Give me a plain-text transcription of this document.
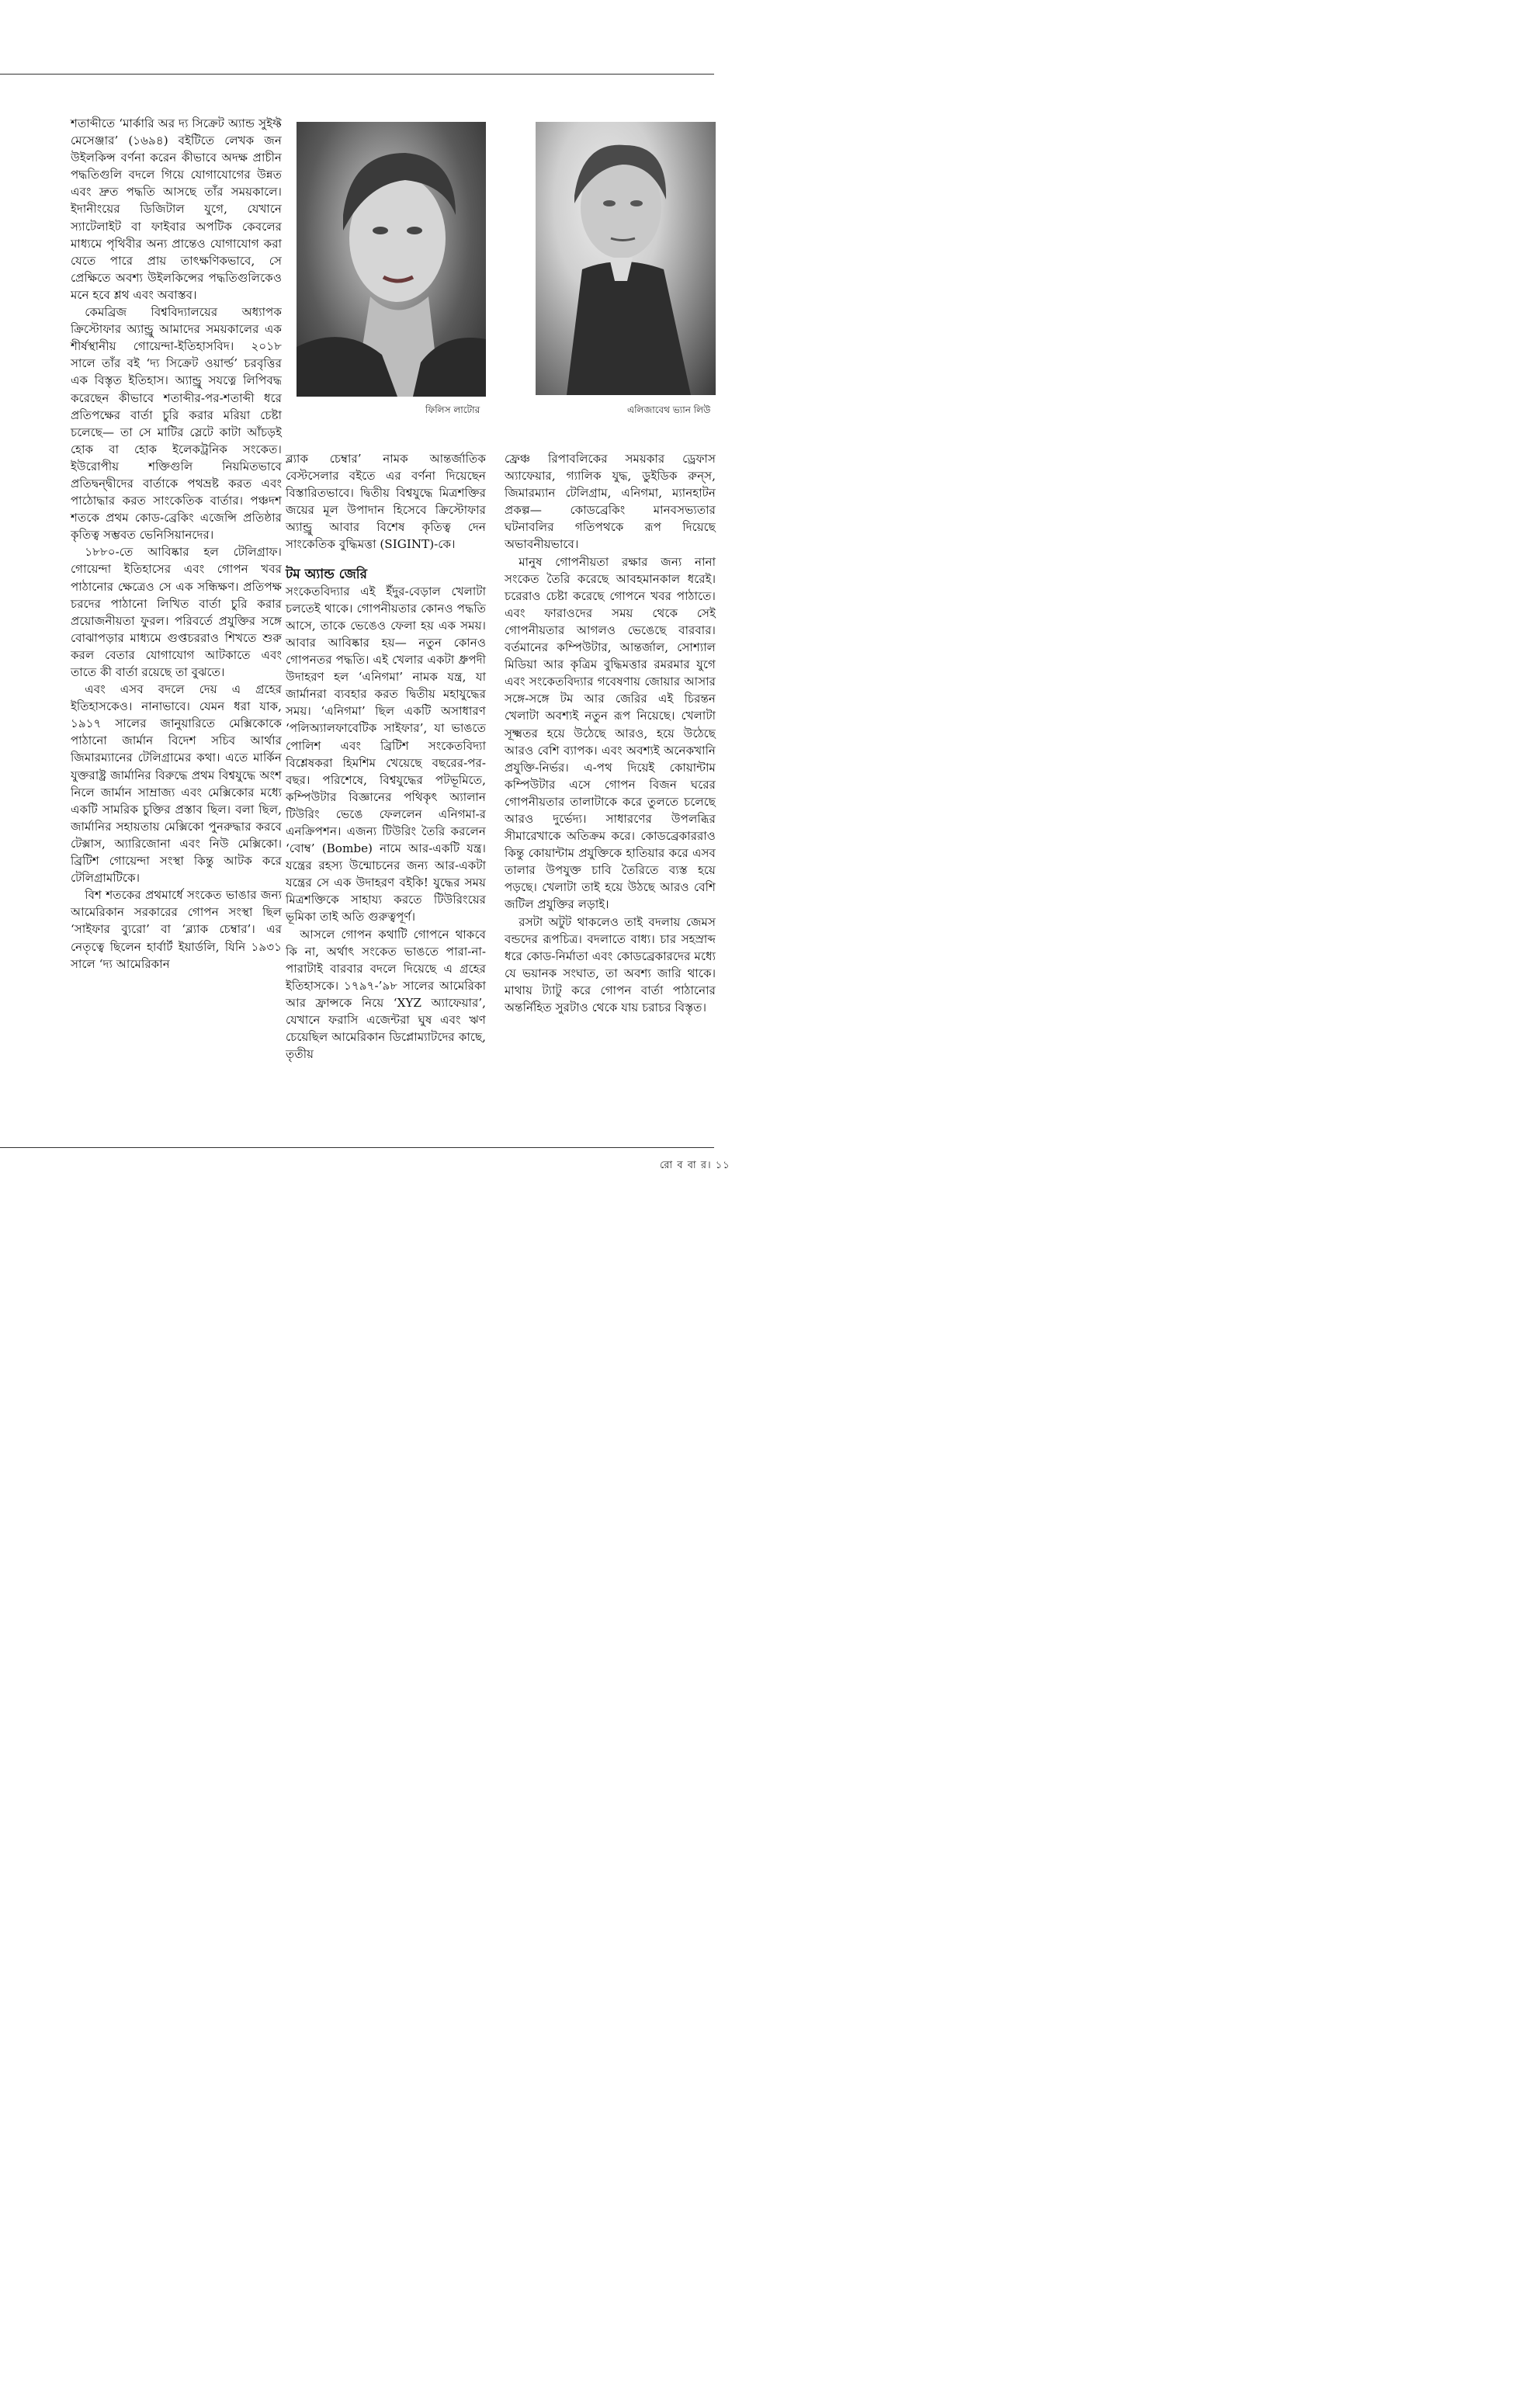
শতাব্দীতে ‘মার্কারি অর দ্য সিক্রেট অ্যান্ড সুইফ্ট মেসেঞ্জার’ (১৬৯৪) বইটিতে লেখক জন উইলকিন্স বর্ণনা করেন কীভাবে অদক্ষ প্রাচীন পদ্ধতিগুলি বদলে গিয়ে যোগাযোগের উন্নত এবং দ্রুত পদ্ধতি আসছে তাঁর সময়কালে। ইদানীংয়ের ডিজিটাল যুগে, যেখানে স্যাটেলাইট বা ফাইবার অপটিক কেবলের মাধ্যমে পৃথিবীর অন্য প্রান্তেও যোগাযোগ করা যেতে পারে প্রায় তাৎক্ষণিকভাবে, সে প্রেক্ষিতে অবশ্য উইলকিন্সের পদ্ধতিগুলিকেও মনে হবে শ্লথ এবং অবাস্তব।

কেমব্রিজ বিশ্ববিদ্যালয়ের অধ্যাপক ক্রিস্টোফার অ্যান্ড্রু আমাদের সময়কালের এক শীর্ষস্থানীয় গোয়েন্দা-ইতিহাসবিদ। ২০১৮ সালে তাঁর বই ‘দ্য সিক্রেট ওয়ার্ল্ড’ চরবৃত্তির এক বিস্তৃত ইতিহাস। অ্যান্ড্রু সযত্নে লিপিবদ্ধ করেছেন কীভাবে শতাব্দীর-পর-শতাব্দী ধরে প্রতিপক্ষের বার্তা চুরি করার মরিয়া চেষ্টা চলেছে— তা সে মাটির স্লেটে কাটা আঁচড়ই হোক বা হোক ইলেকট্রনিক সংকেত। ইউরোপীয় শক্তিগুলি নিয়মিতভাবে প্রতিদ্বন্দ্বীদের বার্তাকে পথভ্রষ্ট করত এবং পাঠোদ্ধার করত সাংকেতিক বার্তার। পঞ্চদশ শতকে প্রথম কোড-ব্রেকিং এজেন্সি প্রতিষ্ঠার কৃতিত্ব সম্ভবত ভেনিসিয়ানদের।

১৮৮০-তে আবিষ্কার হল টেলিগ্রাফ। গোয়েন্দা ইতিহাসের এবং গোপন খবর পাঠানোর ক্ষেত্রেও সে এক সন্ধিক্ষণ। প্রতিপক্ষ চরদের পাঠানো লিখিত বার্তা চুরি করার প্রয়োজনীয়তা ফুরল। পরিবর্তে প্রযুক্তির সঙ্গে বোঝাপড়ার মাধ্যমে গুপ্তচররাও শিখতে শুরু করল বেতার যোগাযোগ আটকাতে এবং তাতে কী বার্তা রয়েছে তা বুঝতে।

এবং এসব বদলে দেয় এ গ্রহের ইতিহাসকেও। নানাভাবে। যেমন ধরা যাক, ১৯১৭ সালের জানুয়ারিতে মেক্সিকোকে পাঠানো জার্মান বিদেশ সচিব আর্থার জিমারম্যানের টেলিগ্রামের কথা। এতে মার্কিন যুক্তরাষ্ট্র জার্মানির বিরুদ্ধে প্রথম বিশ্বযুদ্ধে অংশ নিলে জার্মান সাম্রাজ্য এবং মেক্সিকোর মধ্যে একটি সামরিক চুক্তির প্রস্তাব ছিল। বলা ছিল, জার্মানির সহায়তায় মেক্সিকো পুনরুদ্ধার করবে টেক্সাস, অ্যারিজোনা এবং নিউ মেক্সিকো। ব্রিটিশ গোয়েন্দা সংস্থা কিন্তু আটক করে টেলিগ্রামটিকে।

বিশ শতকের প্রথমার্ধে সংকেত ভাঙার জন্য আমেরিকান সরকারের গোপন সংস্থা ছিল ‘সাইফার ব্যুরো’ বা ‘ব্ল্যাক চেম্বার’। এর নেতৃত্বে ছিলেন হার্বার্ট ইয়ার্ডলি, যিনি ১৯৩১ সালে ‘দ্য আমেরিকান

ফিলিস লাটোর	এলিজাবেথ ভ্যান লিউ

ব্ল্যাক চেম্বার’ নামক আন্তর্জাতিক বেস্টসেলার বইতে এর বর্ণনা দিয়েছেন বিস্তারিতভাবে। দ্বিতীয় বিশ্বযুদ্ধে মিত্রশক্তির জয়ের মূল উপাদান হিসেবে ক্রিস্টোফার অ্যান্ড্রু আবার বিশেষ কৃতিত্ব দেন সাংকেতিক বুদ্ধিমত্তা (SIGINT)-কে।

টম অ্যান্ড জেরি

সংকেতবিদ্যার এই ইঁদুর-বেড়াল খেলাটা চলতেই থাকে। গোপনীয়তার কোনও পদ্ধতি আসে, তাকে ভেঙেও ফেলা হয় এক সময়। আবার আবিষ্কার হয়— নতুন কোনও গোপনতর পদ্ধতি। এই খেলার একটা ধ্রুপদী উদাহরণ হল ‘এনিগমা’ নামক যন্ত্র, যা জার্মানরা ব্যবহার করত দ্বিতীয় মহাযুদ্ধের সময়। ‘এনিগমা’ ছিল একটি অসাধারণ ‘পলিঅ্যালফাবেটিক সাইফার’, যা ভাঙতে পোলিশ এবং ব্রিটিশ সংকেতবিদ্যা বিশ্লেষকরা হিমশিম খেয়েছে বছরের-পর-বছর। পরিশেষে, বিশ্বযুদ্ধের পটভূমিতে, কম্পিউটার বিজ্ঞানের পথিকৃৎ অ্যালান টিউরিং ভেঙে ফেললেন এনিগমা-র এনক্রিপশন। এজন্য টিউরিং তৈরি করলেন ‘বোম্ব’ (Bombe) নামে আর-একটি যন্ত্র। যন্ত্রের রহস্য উন্মোচনের জন্য আর-একটা যন্ত্রের সে এক উদাহরণ বইকি! যুদ্ধের সময় মিত্রশক্তিকে সাহায্য করতে টিউরিংয়ের ভূমিকা তাই অতি গুরুত্বপূর্ণ।

আসলে গোপন কথাটি গোপনে থাকবে কি না, অর্থাৎ সংকেত ভাঙতে পারা-না-পারাটাই বারবার বদলে দিয়েছে এ গ্রহের ইতিহাসকে। ১৭৯৭-’৯৮ সালের আমেরিকা আর ফ্রান্সকে নিয়ে ‘XYZ অ্যাফেয়ার’, যেখানে ফরাসি এজেন্টরা ঘুষ এবং ঋণ চেয়েছিল আমেরিকান ডিপ্লোম্যাটদের কাছে, তৃতীয়

ফ্রেঞ্চ রিপাবলিকের সময়কার ড্রেফাস অ্যাফেয়ার, গ্যালিক যুদ্ধ, ডুইডিক রুন্‌স, জিমারম্যান টেলিগ্রাম, এনিগমা, ম্যানহাটন প্রকল্প— কোডব্রেকিং মানবসভ্যতার ঘটনাবলির গতিপথকে রূপ দিয়েছে অভাবনীয়ভাবে।

মানুষ গোপনীয়তা রক্ষার জন্য নানা সংকেত তৈরি করেছে আবহমানকাল ধরেই। চরেরাও চেষ্টা করেছে গোপনে খবর পাঠাতে। এবং ফারাওদের সময় থেকে সেই গোপনীয়তার আগলও ভেঙেছে বারবার। বর্তমানের কম্পিউটার, আন্তর্জাল, সোশ্যাল মিডিয়া আর কৃত্রিম বুদ্ধিমত্তার রমরমার যুগে এবং সংকেতবিদ্যার গবেষণায় জোয়ার আসার সঙ্গে-সঙ্গে টম আর জেরির এই চিরন্তন খেলাটা অবশ্যই নতুন রূপ নিয়েছে। খেলাটা সূক্ষ্মতর হয়ে উঠেছে আরও, হয়ে উঠেছে আরও বেশি ব্যাপক। এবং অবশ্যই অনেকখানি প্রযুক্তি-নির্ভর। এ-পথ দিয়েই কোয়ান্টাম কম্পিউটার এসে গোপন বিজন ঘরের গোপনীয়তার তালাটাকে করে তুলতে চলেছে আরও দুর্ভেদ্য। সাধারণের উপলব্ধির সীমারেখাকে অতিক্রম করে। কোডব্রেকাররাও কিন্তু কোয়ান্টাম প্রযুক্তিকে হাতিয়ার করে এসব তালার উপযুক্ত চাবি তৈরিতে ব্যস্ত হয়ে পড়ছে। খেলাটা তাই হয়ে উঠছে আরও বেশি জটিল প্রযুক্তির লড়াই।

রসটা অটুট থাকলেও তাই বদলায় জেমস বন্ডদের রূপচিত্র। বদলাতে বাধ্য। চার সহস্রাব্দ ধরে কোড-নির্মাতা এবং কোডব্রেকারদের মধ্যে যে ভয়ানক সংঘাত, তা অবশ্য জারি থাকে। মাথায় ট্যাটু করে গোপন বার্তা পাঠানোর অন্তর্নিহিত সুরটাও থেকে যায় চরাচর বিস্তৃত।

রো ব বা র। ১১
